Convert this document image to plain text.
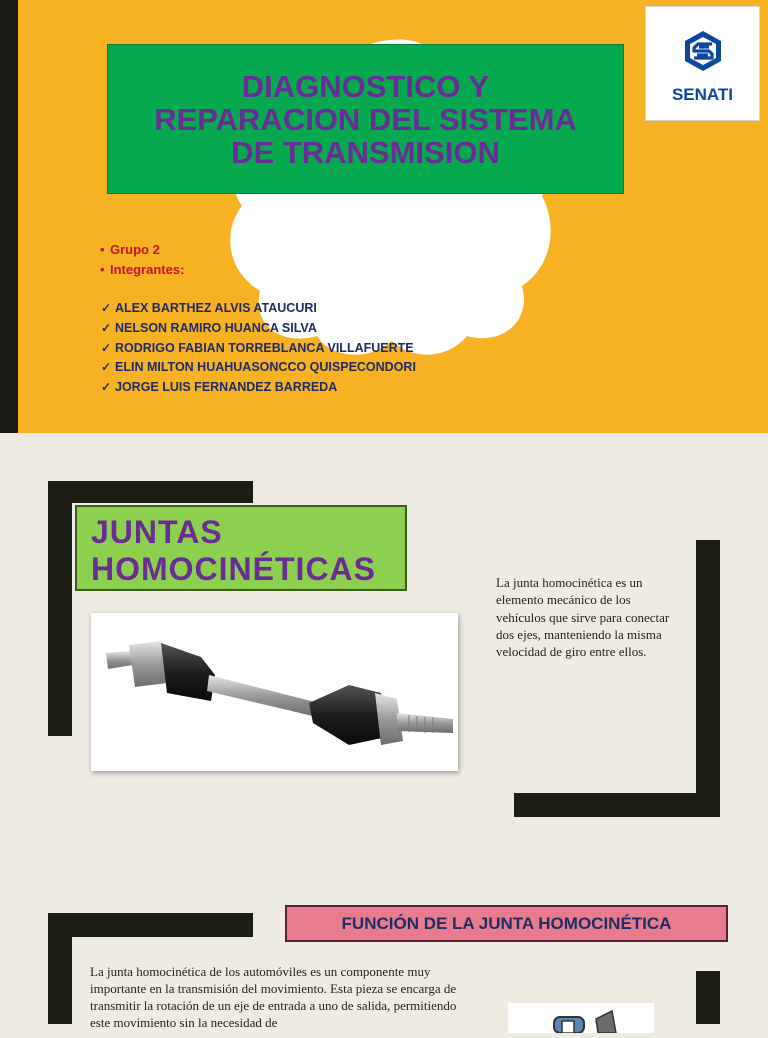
DIAGNOSTICO Y
REPARACION DEL SISTEMA
DE TRANSMISION
SENATI
• Grupo 2
• Integrantes:
✓ ALEX BARTHEZ ALVIS ATAUCURI
✓ NELSON RAMIRO HUANCA SILVA
✓ RODRIGO FABIAN TORREBLANCA VILLAFUERTE
✓ ELIN MILTON HUAHUASONCCO QUISPECONDORI
✓ JORGE LUIS FERNANDEZ BARREDA
JUNTAS
HOMOCINÉTICAS	La junta homocinética es un elemento mecánico de los vehículos que sirve para conectar dos ejes, manteniendo la misma velocidad de giro entre ellos.
FUNCIÓN DE LA JUNTA HOMOCINÉTICA
La junta homocinética de los automóviles es un componente muy importante en la transmisión del movimiento. Esta pieza se encarga de transmitir la rotación de un eje de entrada a uno de salida, permitiendo este movimiento sin la necesidad de
